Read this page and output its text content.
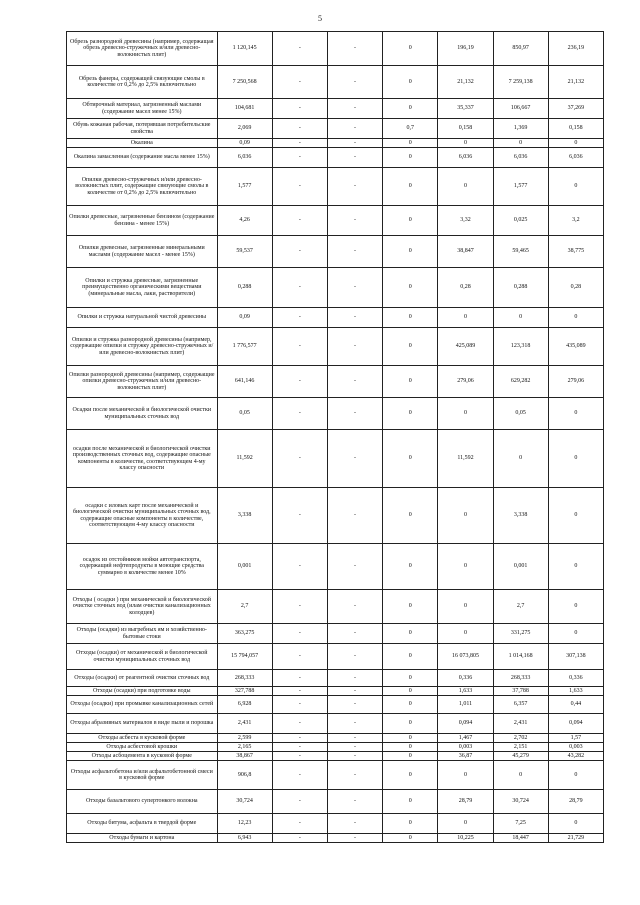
5
Обрезь разнородной древесины (например, содержащая обрезь древесно-стружечных и/или древесно-волокнистых плит)	1 120,145	-	-	0	196,19	850,97	236,19
Обрезь фанеры, содержащей связующие смолы в количестве от 0,2% до 2,5% включительно	7 250,568	-	-	0	21,132	7 259,138	21,132
Обтирочный материал, загрязненный маслами (содержание масел менее 15%)	104,681	-	-	0	35,337	106,667	37,269
Обувь кожаная рабочая, потерявшая потребительские свойства	2,069	-	-	0,7	0,158	1,369	0,158
Окалина	0,09	-	-	0	0	0	0
Окалина замасленная (содержание масла менее 15%)	6,036	-	-	0	6,036	6,036	6,036
Опилки древесно-стружечных и/или древесно-волокнистых плит, содержащие связующие смолы в количестве от 0,2% до 2,5% включительно	1,577	-	-	0	0	1,577	0
Опилки древесные, загрязненные бензином (содержание бензина - менее 15%)	4,26	-	-	0	3,32	0,025	3,2
Опилки древесные, загрязненные минеральными маслами (содержание масел - менее 15%)	59,537	-	-	0	38,847	59,465	38,775
Опилки и стружка древесные, загрязненные преимущественно органическими веществами (минеральные масла, лаки, растворители)	0,288	-	-	0	0,28	0,288	0,28
Опилки и стружка натуральной чистой древесины	0,09	-	-	0	0	0	0
Опилки и стружка разнородной древесины (например, содержащие опилки и стружку древесно-стружечных и/или древесно-волокнистых плит)	1 776,577	-	-	0	425,089	123,318	435,089
Опилки разнородной древесины (например, содержащие опилки древесно-стружечных и/или древесно-волокнистых плит)	641,146	-	-	0	279,06	629,282	279,06
Осадки после механической и биологической очистки муниципальных сточных вод	0,05	-	-	0	0	0,05	0
осадки после механической и биологической очистки производственных сточных вод, содержащие опасные компоненты в количестве, соответствующем 4-му классу опасности	11,592	-	-	0	11,592	0	0
осадки с иловых карт после механической и биологической очистки муниципальных сточных вод, содержащие опасные компоненты в количестве, соответствующем 4-му классу опасности	3,338	-	-	0	0	3,338	0
осадок из отстойников мойки автотранспорта, содержащий нефтепродукты в моющие средства суммарно в количестве менее 10%	0,001	-	-	0	0	0,001	0
Отходы ( осадки ) при механической и биологической очистке сточных вод (илам очистки канализационных колодцев)	2,7	-	-	0	0	2,7	0
Отходы (осадки) из выгребных ям и хозяйственно-бытовые стоки	363,275	-	-	0	0	331,275	0
Отходы (осадки) от механической и биологической очистки муниципальных сточных вод	15 794,057	-	-	0	16 073,805	1 014,168	307,138
Отходы (осадки) от реагентной очистки сточных вод	268,333	-	-	0	0,336	268,333	0,336
Отходы (осадки) при подготовке воды	327,788	-	-	0	1,633	37,788	1,633
Отходы (осадки) при промывке канализационных сетей	6,928	-	-	0	1,011	6,357	0,44
Отходы абразивных материалов в виде пыли и порошка	2,431	-	-	0	0,094	2,431	0,094
Отходы асбеста в кусковой форме	2,599	-	-	0	1,467	2,702	1,57
Отходы асбестовой крошки	2,165	-	-	0	0,003	2,151	0,003
Отходы асбоцемента в кусковой форме	38,867	-	-	0	36,87	45,279	43,282
Отходы асфальтобетона и/или асфальтобетонной смеси в кусковой форме	906,8	-	-	0	0	0	0
Отходы базальтового супертонкого волокна	30,724	-	-	0	28,79	30,724	28,79
Отходы битума, асфальта в твердой форме	12,23	-	-	0	0	7,25	0
Отходы бумаги и картона	6,943	-	-	0	10,225	18,447	21,729
